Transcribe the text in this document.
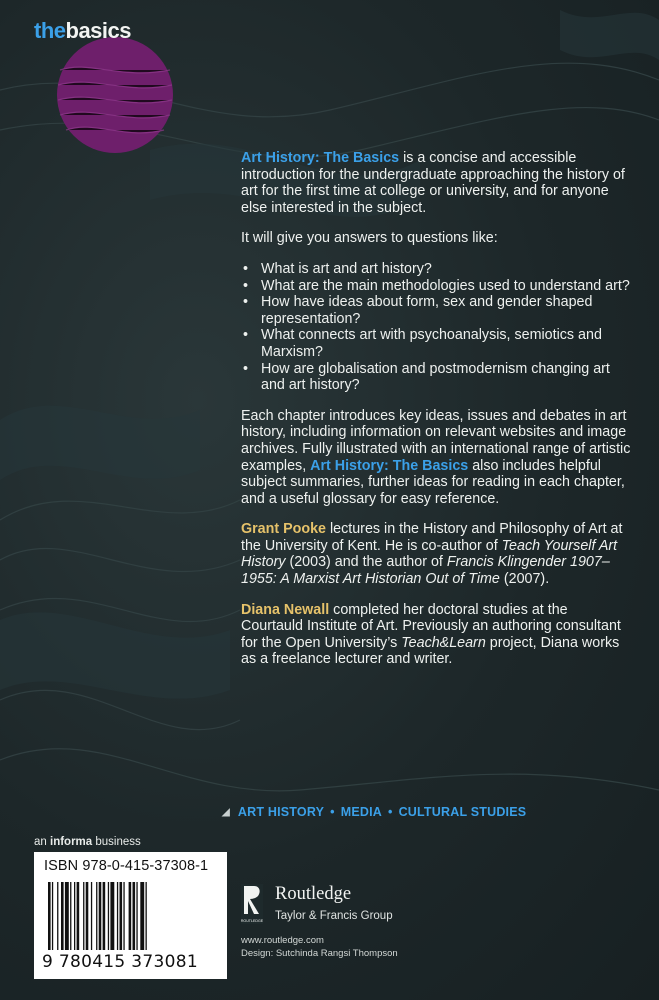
thebasics

Art History: The Basics is a concise and accessible introduction for the undergraduate approaching the history of art for the first time at college or university, and for anyone else interested in the subject.

It will give you answers to questions like:

• What is art and art history?
• What are the main methodologies used to understand art?
• How have ideas about form, sex and gender shaped representation?
• What connects art with psychoanalysis, semiotics and Marxism?
• How are globalisation and postmodernism changing art and art history?

Each chapter introduces key ideas, issues and debates in art history, including information on relevant websites and image archives. Fully illustrated with an international range of artistic examples, Art History: The Basics also includes helpful subject summaries, further ideas for reading in each chapter, and a useful glossary for easy reference.

Grant Pooke lectures in the History and Philosophy of Art at the University of Kent. He is co-author of Teach Yourself Art History (2003) and the author of Francis Klingender 1907–1955: A Marxist Art Historian Out of Time (2007).

Diana Newall completed her doctoral studies at the Courtauld Institute of Art. Previously an authoring consultant for the Open University’s Teach&Learn project, Diana works as a freelance lecturer and writer.

◢ ART HISTORY • MEDIA • CULTURAL STUDIES
an informa business
ISBN 978-0-415-37308-1
9 780415 373081
ROUTLEDGE
Routledge
Taylor & Francis Group
www.routledge.com
Design: Sutchinda Rangsi Thompson
